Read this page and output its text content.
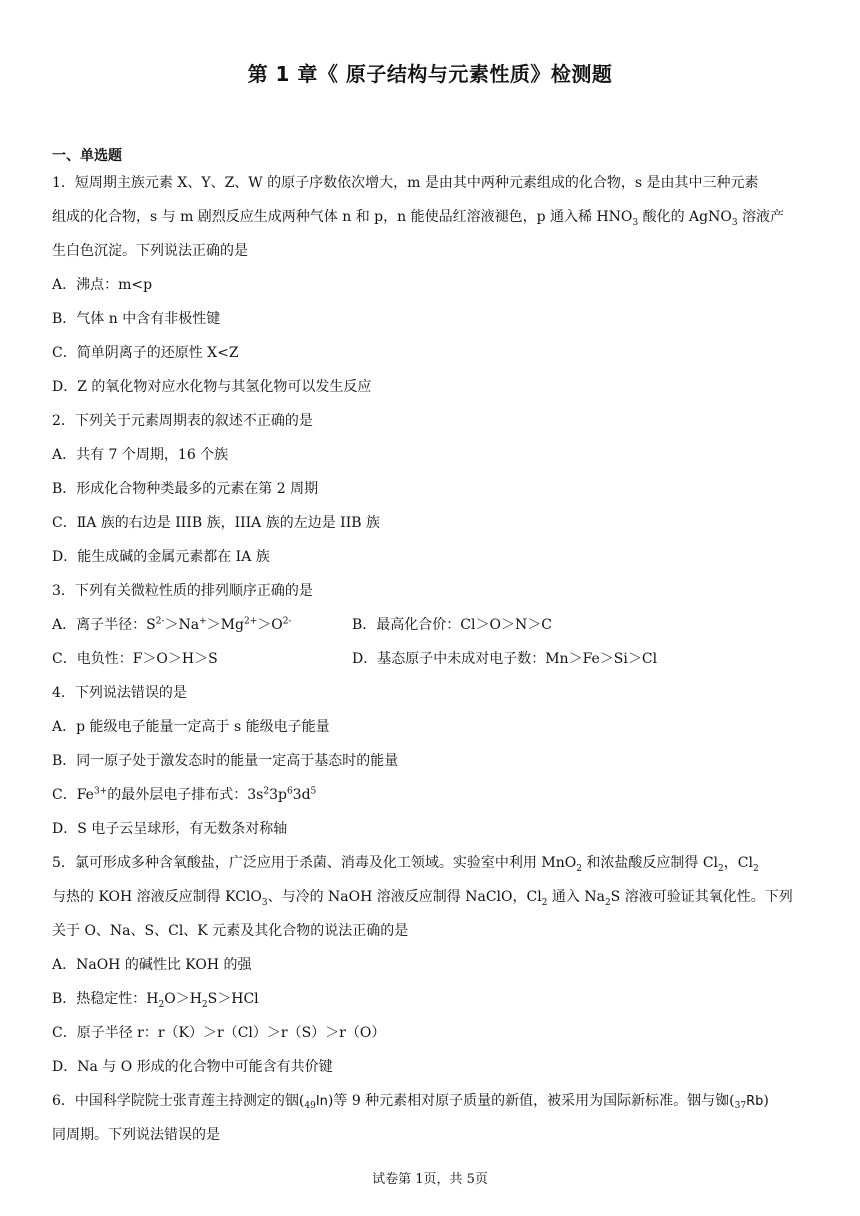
第 1 章《 原子结构与元素性质》检测题
一、单选题
1．短周期主族元素 X、Y、Z、W 的原子序数依次增大，m 是由其中两种元素组成的化合物，s 是由其中三种元素
组成的化合物，s 与 m 剧烈反应生成两种气体 n 和 p，n 能使品红溶液褪色，p 通入稀 $HNO_3$ 酸化的 AgNO$_3$ 溶液产
生白色沉淀。下列说法正确的是
A．沸点：m<p
B．气体 n 中含有非极性键
C．简单阴离子的还原性 X<Z
D．Z 的氧化物对应水化物与其氢化物可以发生反应
2．下列关于元素周期表的叙述不正确的是
A．共有 7 个周期，16 个族
B．形成化合物种类最多的元素在第 2 周期
C．ⅡA 族的右边是 IIIB 族，IIIA 族的左边是 IIB 族
D．能生成碱的金属元素都在 IA 族
3．下列有关微粒性质的排列顺序正确的是
A．离子半径：$S^{2-}>Na^+>Mg^{2+}>O^{2-}$	B．最高化合价：Cl＞O＞N＞C
C．电负性：F＞O＞H＞S	D．基态原子中未成对电子数：Mn＞Fe＞Si＞Cl
4．下列说法错误的是
A．p 能级电子能量一定高于 s 能级电子能量
B．同一原子处于激发态时的能量一定高于基态时的能量
C．$Fe^{3+}$的最外层电子排布式：$3s^23p^63d^5$
D．S 电子云呈球形，有无数条对称轴
5．氯可形成多种含氧酸盐，广泛应用于杀菌、消毒及化工领域。实验室中利用 MnO$_2$ 和浓盐酸反应制得 $Cl_2$，$Cl_2$
与热的 KOH 溶液反应制得 KClO$_3$、与冷的 NaOH 溶液反应制得 NaClO，$Cl_2$ 通入 $Na_2S$ 溶液可验证其氧化性。下列
关于 O、Na、S、Cl、K 元素及其化合物的说法正确的是
A．NaOH 的碱性比 KOH 的强
B．热稳定性：$H_2O>H_2S>HCl$
C．原子半径 r：r（K）＞r（Cl）＞r（S）＞r（O）
D．Na 与 O 形成的化合物中可能含有共价键
6．中国科学院院士张青莲主持测定的铟(49In)等 9 种元素相对原子质量的新值，被采用为国际新标准。铟与铷(37Rb)
同周期。下列说法错误的是
试卷第 1页，共 5页
